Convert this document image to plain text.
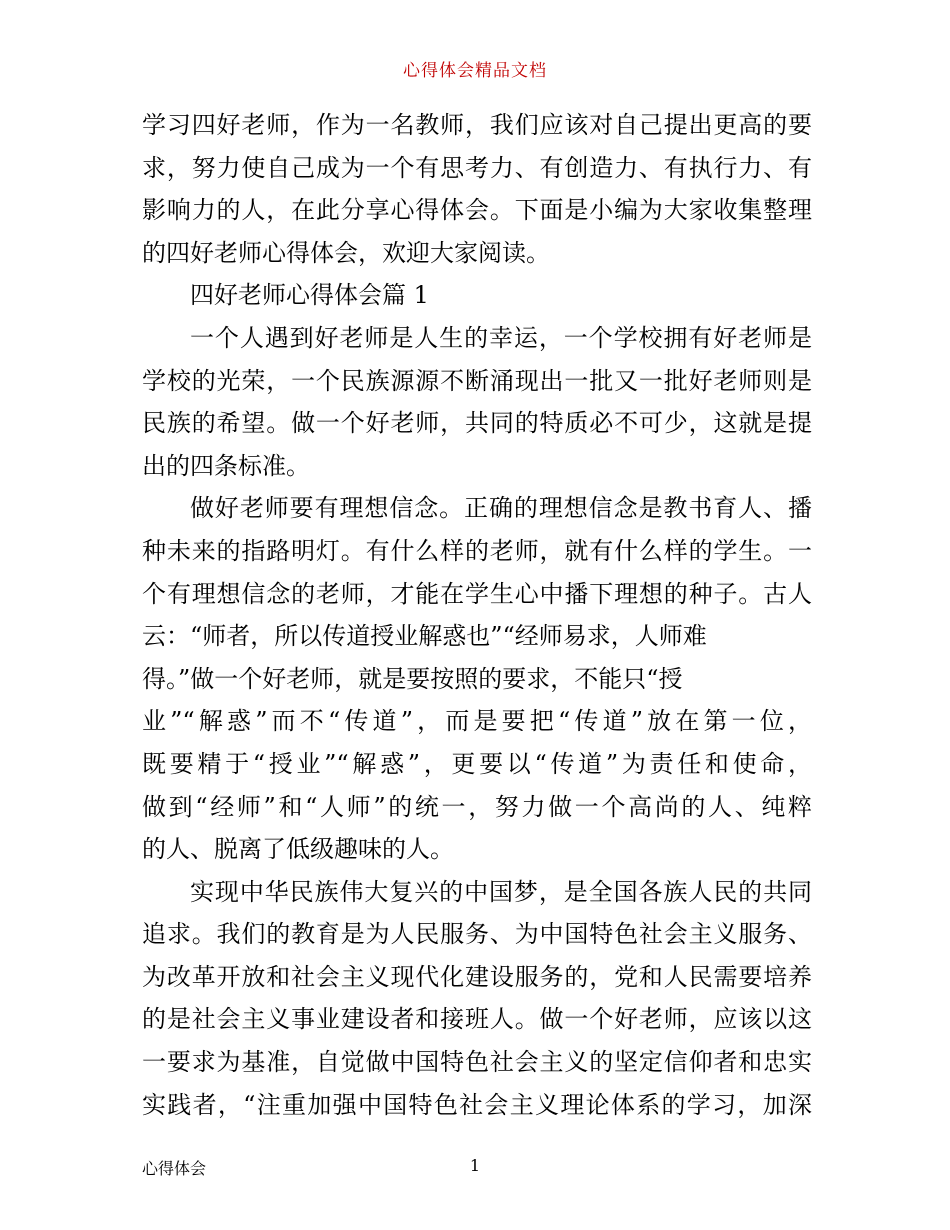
心得体会精品文档
学习四好老师，作为一名教师，我们应该对自己提出更高的要
求，努力使自己成为一个有思考力、有创造力、有执行力、有
影响力的人，在此分享心得体会。下面是小编为大家收集整理
的四好老师心得体会，欢迎大家阅读。
四好老师心得体会篇 1
一个人遇到好老师是人生的幸运，一个学校拥有好老师是
学校的光荣，一个民族源源不断涌现出一批又一批好老师则是
民族的希望。做一个好老师，共同的特质必不可少，这就是提
出的四条标准。
做好老师要有理想信念。正确的理想信念是教书育人、播
种未来的指路明灯。有什么样的老师，就有什么样的学生。一
个有理想信念的老师，才能在学生心中播下理想的种子。古人
云：“师者，所以传道授业解惑也”“经师易求，人师难
得。”做一个好老师，就是要按照的要求，不能只“授
业”“解惑”而不“传道”，而是要把“传道”放在第一位，
既要精于“授业”“解惑”，更要以“传道”为责任和使命，
做到“经师”和“人师”的统一，努力做一个高尚的人、纯粹
的人、脱离了低级趣味的人。
实现中华民族伟大复兴的中国梦，是全国各族人民的共同
追求。我们的教育是为人民服务、为中国特色社会主义服务、
为改革开放和社会主义现代化建设服务的，党和人民需要培养
的是社会主义事业建设者和接班人。做一个好老师，应该以这
一要求为基准，自觉做中国特色社会主义的坚定信仰者和忠实
实践者，“注重加强中国特色社会主义理论体系的学习，加深
心得体会	1
